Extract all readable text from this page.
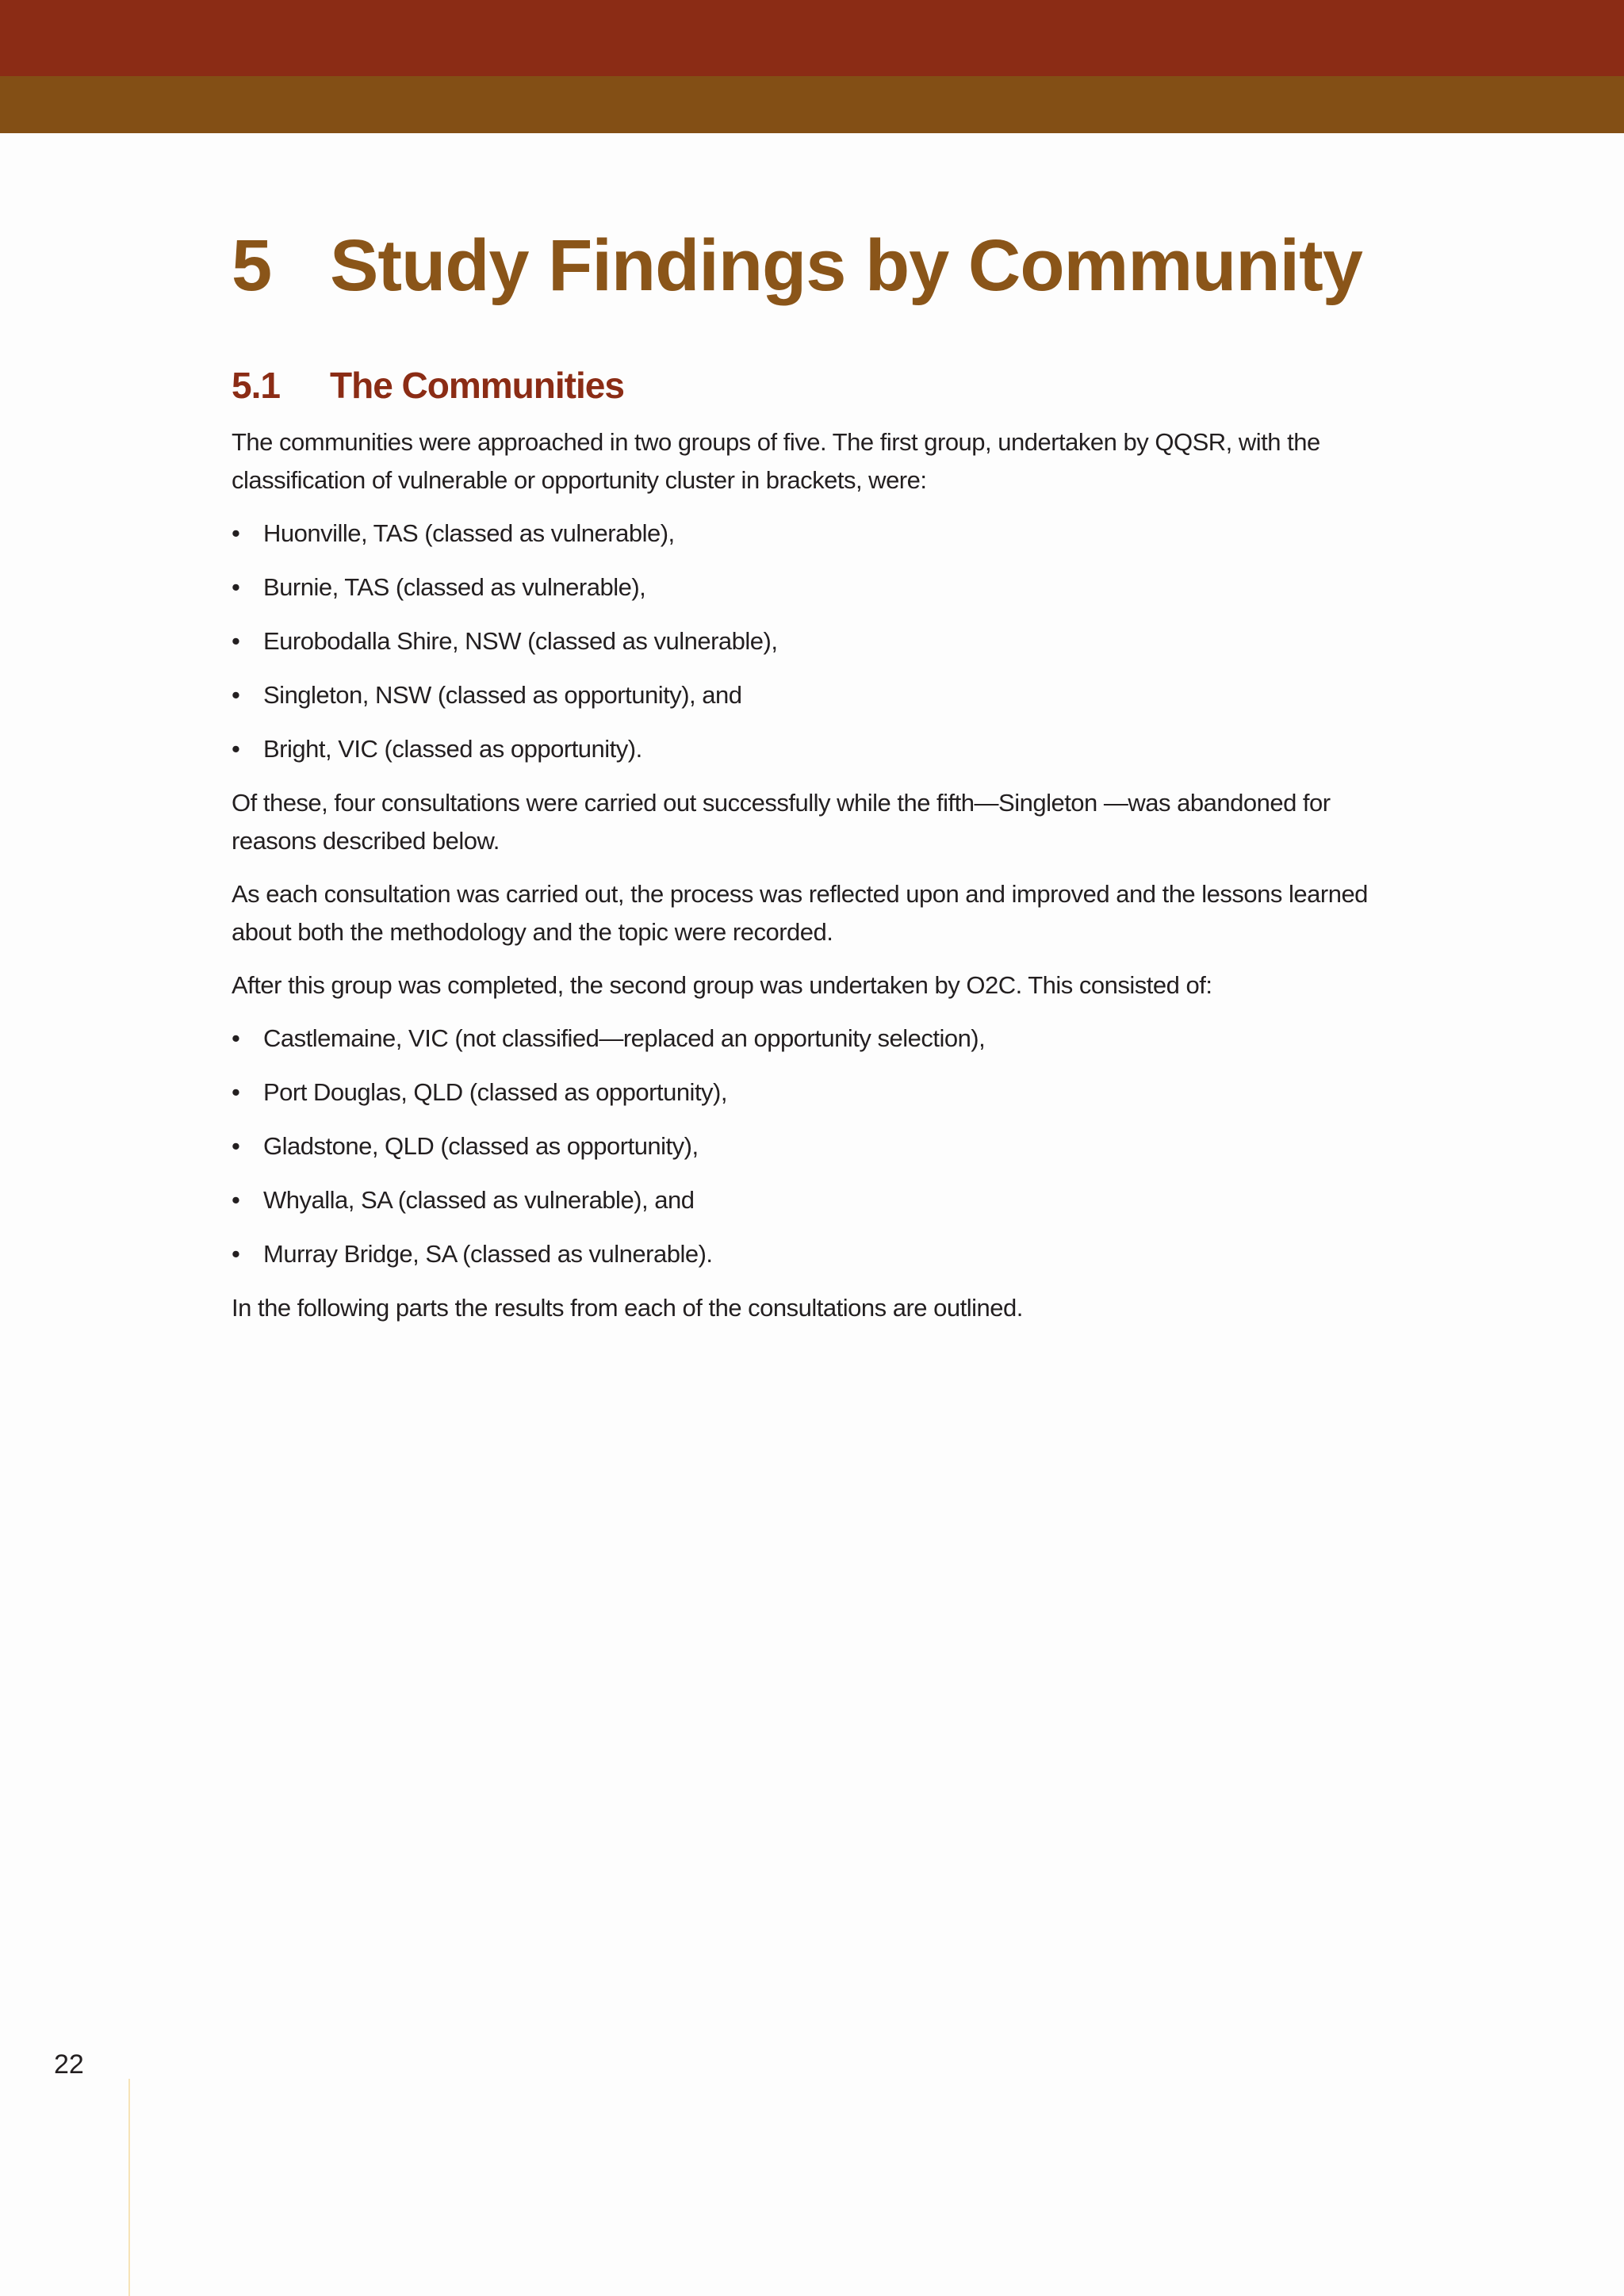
5 Study Findings by Community
5.1	The Communities

The communities were approached in two groups of five. The first group, undertaken by QQSR, with the classification of vulnerable or opportunity cluster in brackets, were:

•
Huonville, TAS (classed as vulnerable),
•
Burnie, TAS (classed as vulnerable),
•
Eurobodalla Shire, NSW (classed as vulnerable),
•
Singleton, NSW (classed as opportunity), and
•
Bright, VIC (classed as opportunity).

Of these, four consultations were carried out successfully while the fifth—Singleton —was abandoned for reasons described below.

As each consultation was carried out, the process was reflected upon and improved and the lessons learned about both the methodology and the topic were recorded.

After this group was completed, the second group was undertaken by O2C. This consisted of:

•
Castlemaine, VIC (not classified—replaced an opportunity selection),
•
Port Douglas, QLD (classed as opportunity),
•
Gladstone, QLD (classed as opportunity),
•
Whyalla, SA (classed as vulnerable), and
•
Murray Bridge, SA (classed as vulnerable).

In the following parts the results from each of the consultations are outlined.

22
